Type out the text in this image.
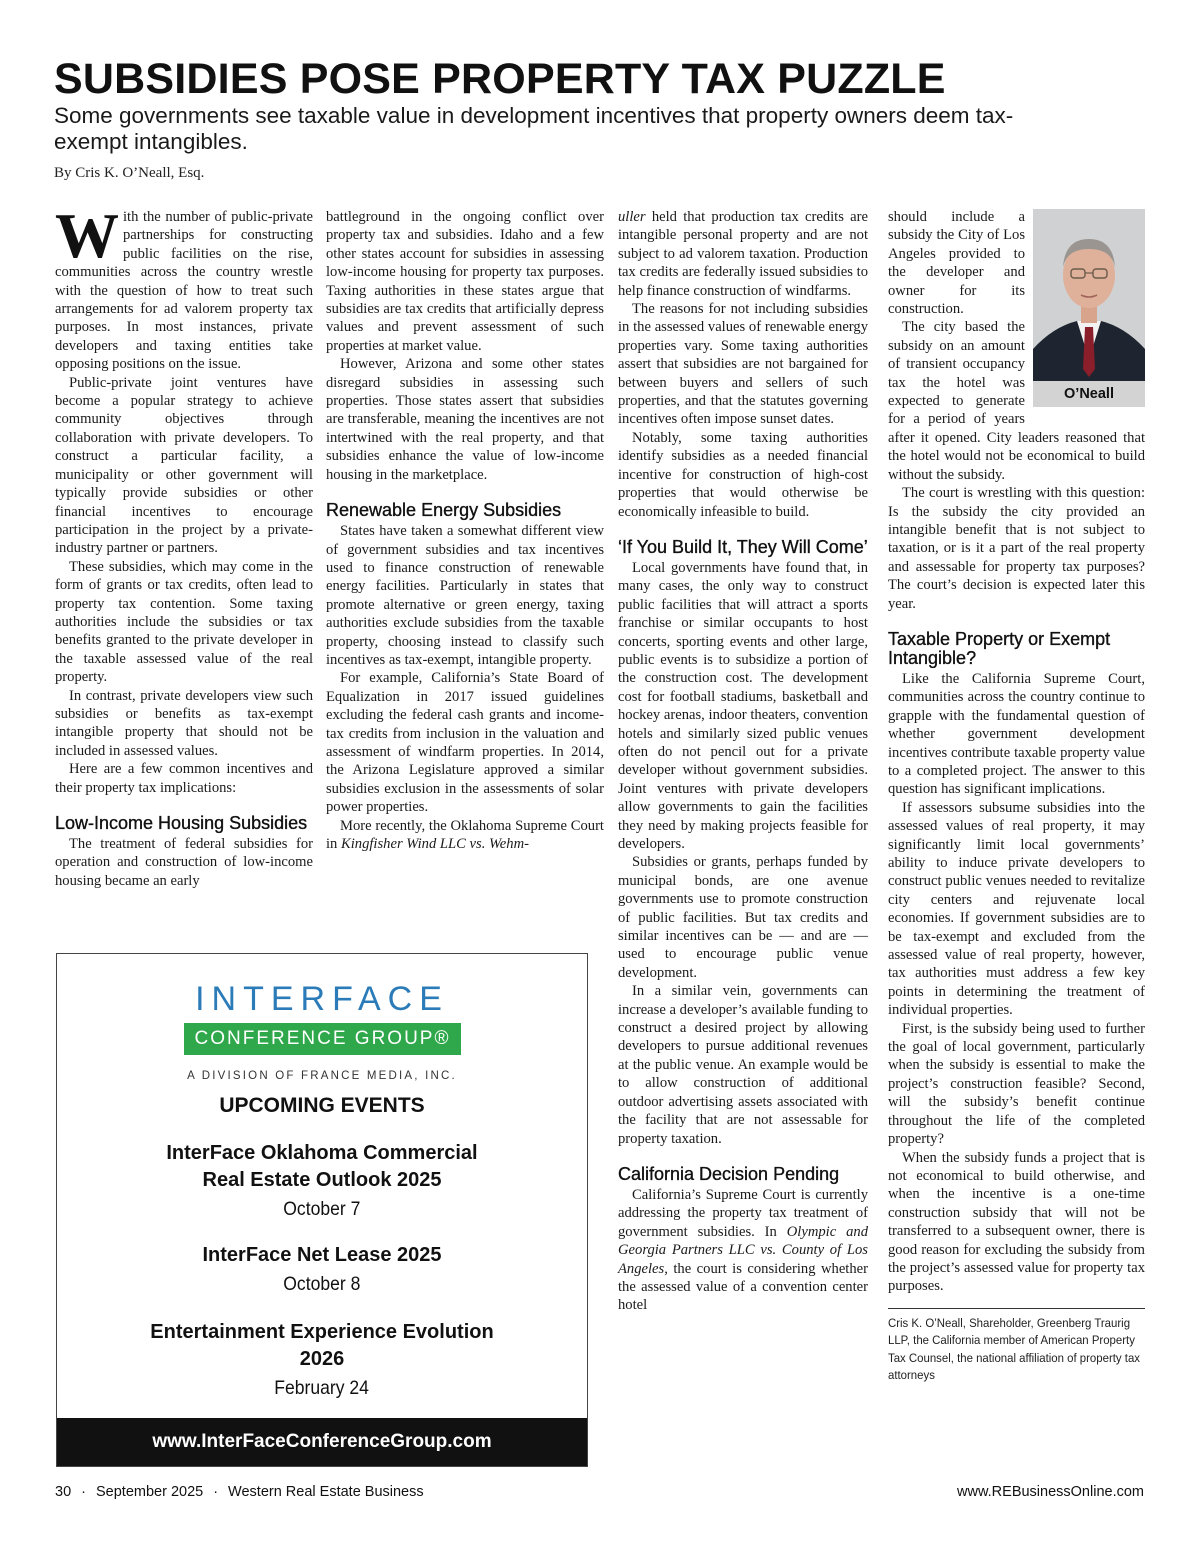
SUBSIDIES POSE PROPERTY TAX PUZZLE
Some governments see taxable value in development incentives that property owners deem tax-exempt intangibles.
By Cris K. O’Neall, Esq.

With the number of public-private partnerships for constructing public facilities on the rise, communities across the country wrestle with the question of how to treat such arrangements for ad valorem property tax purposes. In most instances, private developers and taxing entities take opposing positions on the issue.

Public-private joint ventures have become a popular strategy to achieve community objectives through collaboration with private developers. To construct a particular facility, a municipality or other government will typically provide subsidies or other financial incentives to encourage participation in the project by a private-industry partner or partners.

These subsidies, which may come in the form of grants or tax credits, often lead to property tax contention. Some taxing authorities include the subsidies or tax benefits granted to the private developer in the taxable assessed value of the real property.

In contrast, private developers view such subsidies or benefits as tax-exempt intangible property that should not be included in assessed values.

Here are a few common incentives and their property tax implications:

Low-Income Housing Subsidies

The treatment of federal subsidies for operation and construction of low-income housing became an early

battleground in the ongoing conflict over property tax and subsidies. Idaho and a few other states account for subsidies in assessing low-income housing for property tax purposes. Taxing authorities in these states argue that subsidies are tax credits that artificially depress values and prevent assessment of such properties at market value.

However, Arizona and some other states disregard subsidies in assessing such properties. Those states assert that subsidies are transferable, meaning the incentives are not intertwined with the real property, and that subsidies enhance the value of low-income housing in the marketplace.

Renewable Energy Subsidies

States have taken a somewhat different view of government subsidies and tax incentives used to finance construction of renewable energy facilities. Particularly in states that promote alternative or green energy, taxing authorities exclude subsidies from the taxable property, choosing instead to classify such incentives as tax-exempt, intangible property.

For example, California’s State Board of Equalization in 2017 issued guidelines excluding the federal cash grants and income-tax credits from inclusion in the valuation and assessment of windfarm properties. In 2014, the Arizona Legislature approved a similar subsidies exclusion in the assessments of solar power properties.

More recently, the Oklahoma Supreme Court in Kingfisher Wind LLC vs. Wehm-

uller held that production tax credits are intangible personal property and are not subject to ad valorem taxation. Production tax credits are federally issued subsidies to help finance construction of windfarms.

The reasons for not including subsidies in the assessed values of renewable energy properties vary. Some taxing authorities assert that subsidies are not bargained for between buyers and sellers of such properties, and that the statutes governing incentives often impose sunset dates.

Notably, some taxing authorities identify subsidies as a needed financial incentive for construction of high-cost properties that would otherwise be economically infeasible to build.

‘If You Build It, They Will Come’

Local governments have found that, in many cases, the only way to construct public facilities that will attract a sports franchise or similar occupants to host concerts, sporting events and other large, public events is to subsidize a portion of the construction cost. The development cost for football stadiums, basketball and hockey arenas, indoor theaters, convention hotels and similarly sized public venues often do not pencil out for a private developer without government subsidies. Joint ventures with private developers allow governments to gain the facilities they need by making projects feasible for developers.

Subsidies or grants, perhaps funded by municipal bonds, are one avenue governments use to promote construction of public facilities. But tax credits and similar incentives can be — and are — used to encourage public venue development.

In a similar vein, governments can increase a developer’s available funding to construct a desired project by allowing developers to pursue additional revenues at the public venue. An example would be to allow construction of additional outdoor advertising assets associated with the facility that are not assessable for property taxation.

California Decision Pending

California’s Supreme Court is currently addressing the property tax treatment of government subsidies. In Olympic and Georgia Partners LLC vs. County of Los Angeles, the court is considering whether the assessed value of a convention center hotel

O’Neall

should include a subsidy the City of Los Angeles provided to the developer and owner for its construction.

The city based the subsidy on an amount of transient occupancy tax the hotel was expected to generate for a period of years after it opened. City leaders reasoned that the hotel would not be economical to build without the subsidy.

The court is wrestling with this question: Is the subsidy the city provided an intangible benefit that is not subject to taxation, or is it a part of the real property and assessable for property tax purposes? The court’s decision is expected later this year.

Taxable Property or Exempt Intangible?

Like the California Supreme Court, communities across the country continue to grapple with the fundamental question of whether government development incentives contribute taxable property value to a completed project. The answer to this question has significant implications.

If assessors subsume subsidies into the assessed values of real property, it may significantly limit local governments’ ability to induce private developers to construct public venues needed to revitalize city centers and rejuvenate local economies. If government subsidies are to be tax-exempt and excluded from the assessed value of real property, however, tax authorities must address a few key points in determining the treatment of individual properties.

First, is the subsidy being used to further the goal of local government, particularly when the subsidy is essential to make the project’s construction feasible? Second, will the subsidy’s benefit continue throughout the life of the completed property?

When the subsidy funds a project that is not economical to build otherwise, and when the incentive is a one-time construction subsidy that will not be transferred to a subsequent owner, there is good reason for excluding the subsidy from the project’s assessed value for property tax purposes.

Cris K. O’Neall, Shareholder, Greenberg Traurig LLP, the California member of American Property Tax Counsel, the national affiliation of property tax attorneys
INTERFACE
CONFERENCE GROUP®
A DIVISION OF FRANCE MEDIA, INC.
UPCOMING EVENTS
InterFace Oklahoma Commercial
Real Estate Outlook 2025
October 7
InterFace Net Lease 2025
October 8
Entertainment Experience Evolution
2026
February 24
www.InterFaceConferenceGroup.com
30 · September 2025 · Western Real Estate Business	www.REBusinessOnline.com
